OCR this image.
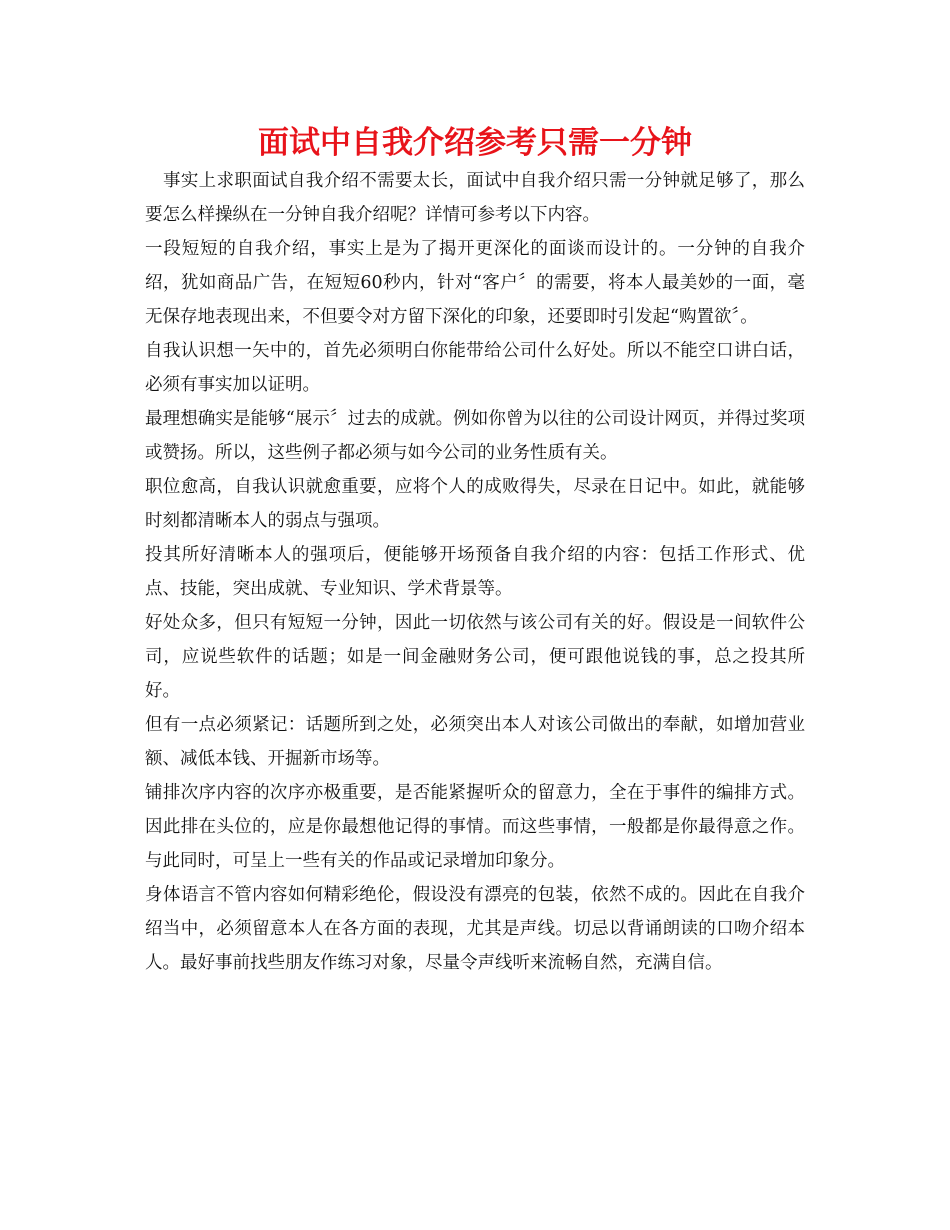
面试中自我介绍参考只需一分钟

事实上求职面试自我介绍不需要太长，面试中自我介绍只需一分钟就足够了，那么要怎么样操纵在一分钟自我介绍呢？详情可参考以下内容。

一段短短的自我介绍，事实上是为了揭开更深化的面谈而设计的。一分钟的自我介绍，犹如商品广告，在短短60秒内，针对“客户〞的需要，将本人最美妙的一面，毫无保存地表现出来，不但要令对方留下深化的印象，还要即时引发起“购置欲〞。

自我认识想一矢中的，首先必须明白你能带给公司什么好处。所以不能空口讲白话，必须有事实加以证明。

最理想确实是能够“展示〞过去的成就。例如你曾为以往的公司设计网页，并得过奖项或赞扬。所以，这些例子都必须与如今公司的业务性质有关。

职位愈高，自我认识就愈重要，应将个人的成败得失，尽录在日记中。如此，就能够时刻都清晰本人的弱点与强项。

投其所好清晰本人的强项后，便能够开场预备自我介绍的内容：包括工作形式、优点、技能，突出成就、专业知识、学术背景等。

好处众多，但只有短短一分钟，因此一切依然与该公司有关的好。假设是一间软件公司，应说些软件的话题；如是一间金融财务公司，便可跟他说钱的事，总之投其所好。

但有一点必须紧记：话题所到之处，必须突出本人对该公司做出的奉献，如增加营业额、减低本钱、开掘新市场等。

铺排次序内容的次序亦极重要，是否能紧握听众的留意力，全在于事件的编排方式。因此排在头位的，应是你最想他记得的事情。而这些事情，一般都是你最得意之作。与此同时，可呈上一些有关的作品或记录增加印象分。

身体语言不管内容如何精彩绝伦，假设没有漂亮的包装，依然不成的。因此在自我介绍当中，必须留意本人在各方面的表现，尤其是声线。切忌以背诵朗读的口吻介绍本人。最好事前找些朋友作练习对象，尽量令声线听来流畅自然，充满自信。
